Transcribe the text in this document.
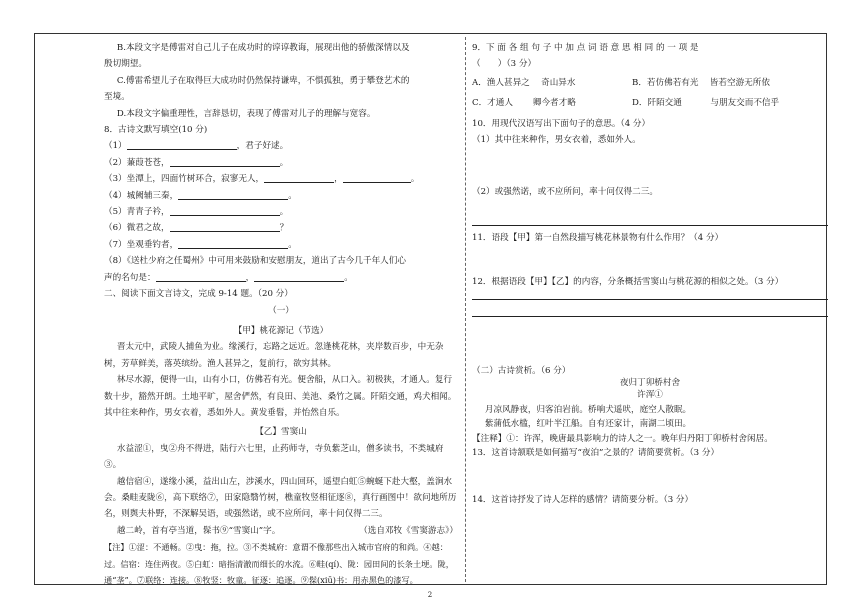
B.本段文字是傅雷对自己儿子在成功时的谆谆教诲，展现出他的骄傲深情以及

殷切期望。

C.傅雷希望儿子在取得巨大成功时仍然保持谦卑，不惧孤独，勇于攀登艺术的

至境。

D.本段文字偏重理性，言辞恳切，表现了傅雷对儿子的理解与宽容。

8．古诗文默写填空(10 分)

（1）	，君子好逑。

（2）蒹葭苍苍，	。

（3）坐潭上，四面竹树环合，寂寥无人，	，	。

（4）城阙辅三秦，	。

（5）青青子衿，	。

（6）微君之故，	？

（7）坐观垂钓者，	。

（8）《送杜少府之任蜀州》中可用来鼓励和安慰朋友，道出了古今几千年人们心

声的名句是：	，	。

二、阅读下面文言诗文，完成 9-14 题。（20 分）

（一）

【甲】桃花源记（节选）

晋太元中，武陵人捕鱼为业。缘溪行，忘路之远近。忽逢桃花林，夹岸数百步，中无杂树，芳草鲜美，落英缤纷。渔人甚异之，复前行，欲穷其林。

林尽水源，便得一山，山有小口，仿佛若有光。便舍船，从口入。初极狭，才通人。复行数十步，豁然开朗。土地平旷，屋舍俨然，有良田、美池、桑竹之属。阡陌交通，鸡犬相闻。其中往来种作，男女衣着，悉如外人。黄发垂髫，并怡然自乐。

【乙】雪窦山

水益涩①，曳②舟不得进，陆行六七里，止药师寺，寺负紫芝山，僧多读书，不类城府③。

越信宿④，遂缘小溪，益出山左，涉溪水，四山回环，遥望白虹⑤蜿蜒下赴大壑，盖涧水会。桑畦麦陇⑥，高下联络⑦，田家隐翳竹树，樵童牧竖相征逐⑧，真行画图中！欲问地所历名，则舆夫朴野，不深解吴语，或强然诺，或不应所问，率十问仅得二三。

越二岭，首有亭当道，髹书⑨“雪窦山”字。	（选自邓牧《雪窦游志》）

【注】①涩：不通畅。②曳：拖，拉。③不类城府：意谓不像那些出入城市官府的和尚。④越：过。信宿：连住两夜。⑤白虹：暗指清澈而细长的水流。⑥畦(qí)、陇：园田间的长条土埂。陇，通“垄”。⑦联络：连接。⑧牧竖：牧童。征逐：追逐。⑨髹(xiū)书：用赤黑色的漆写。

9．下 面 各 组 句 子 中 加 点 词 语 意 思 相 同 的 一 项 是

（　　）（3 分）

A．渔人甚异之　 奇山异水	B．若仿佛若有光　 皆若空游无所依

C．才通人　　 卿今者才略	D．阡陌交通　　　 与朋友交而不信乎

10．用现代汉语写出下面句子的意思。（4 分）

（1）其中往来种作，男女衣着，悉如外人。

（2）或强然诺，或不应所问，率十问仅得二三。

11．语段【甲】第一自然段描写桃花林景物有什么作用？（4 分）

12．根据语段【甲】【乙】的内容，分条概括雪窦山与桃花源的相似之处。（3 分）

（二）古诗赏析。（6 分）

夜归丁卯桥村舍

许浑①

月凉风静夜，归客泊岩前。桥响犬遥吠，庭空人散眠。

紫蒲低水槛，红叶半江船。自有还家计，南湖二顷田。

【注释】①：许浑，晚唐最具影响力的诗人之一。晚年归丹阳丁卯桥村舍闲居。

13．这首诗颔联是如何描写“夜泊”之景的？请简要赏析。（3 分）

14．这首诗抒发了诗人怎样的感情？请简要分析。（3 分）

2
